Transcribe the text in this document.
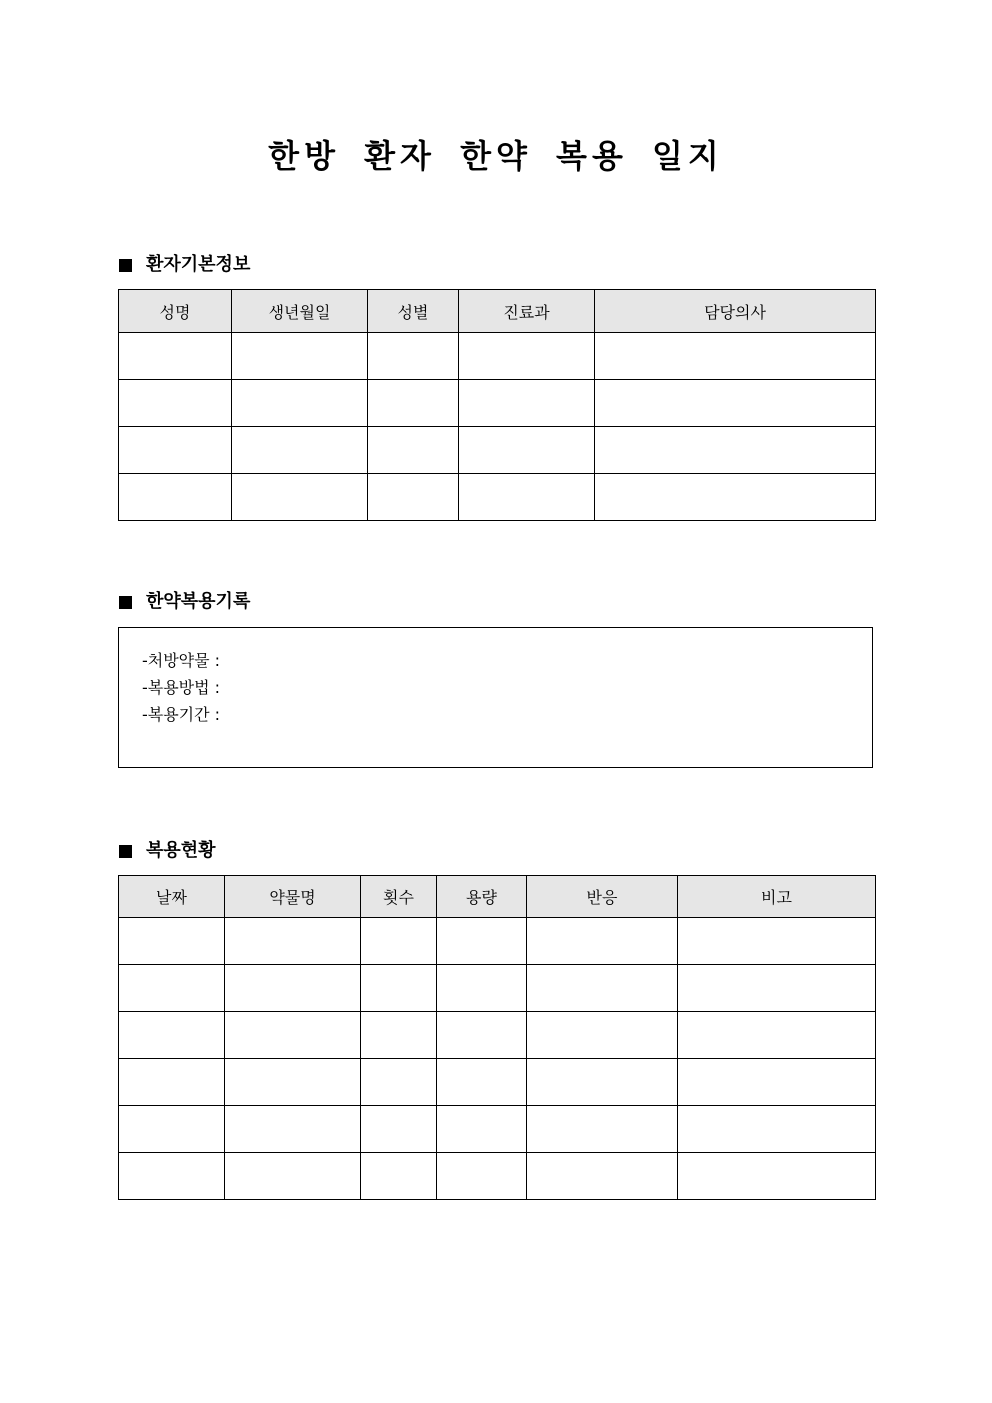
한방 환자 한약 복용 일지
환자기본정보
성명	생년월일	성별	진료과	담당의사

한약복용기록
-처방약물 :
-복용방법 :
-복용기간 :
복용현황
날짜	약물명	횟수	용량	반응	비고
